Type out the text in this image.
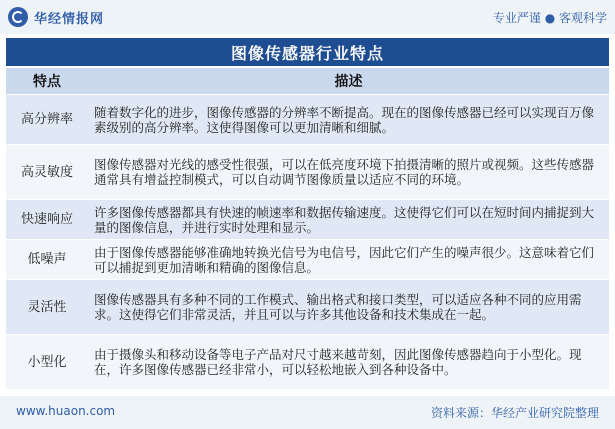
华经情报网	专业严谨 ● 客观科学
图像传感器行业特点
特点	描述
高分辨率	随着数字化的进步，图像传感器的分辨率不断提高。现在的图像传感器已经可以实现百万像素级别的高分辨率。这使得图像可以更加清晰和细腻。
高灵敏度	图像传感器对光线的感受性很强，可以在低亮度环境下拍摄清晰的照片或视频。这些传感器通常具有增益控制模式，可以自动调节图像质量以适应不同的环境。
快速响应	许多图像传感器都具有快速的帧速率和数据传输速度。这使得它们可以在短时间内捕捉到大量的图像信息，并进行实时处理和显示。
低噪声	由于图像传感器能够准确地转换光信号为电信号，因此它们产生的噪声很少。这意味着它们可以捕捉到更加清晰和精确的图像信息。
灵活性	图像传感器具有多种不同的工作模式、输出格式和接口类型，可以适应各种不同的应用需求。这使得它们非常灵活，并且可以与许多其他设备和技术集成在一起。
小型化	由于摄像头和移动设备等电子产品对尺寸越来越苛刻，因此图像传感器趋向于小型化。现在，许多图像传感器已经非常小，可以轻松地嵌入到各种设备中。
www.huaon.com	资料来源：华经产业研究院整理
